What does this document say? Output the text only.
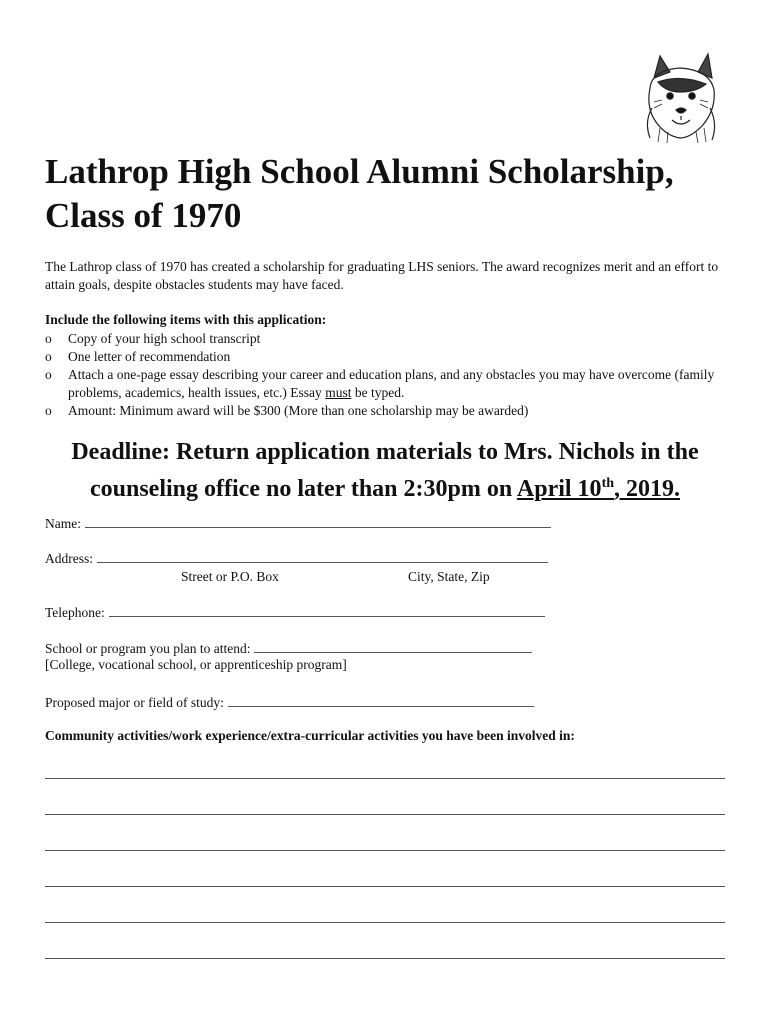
Lathrop High School Alumni Scholarship,
Class of 1970

The Lathrop class of 1970 has created a scholarship for graduating LHS seniors. The award recognizes merit and an effort to attain goals, despite obstacles students may have faced.

Include the following items with this application:

o Copy of your high school transcript
o One letter of recommendation
o Attach a one-page essay describing your career and education plans, and any obstacles you may have overcome (family problems, academics, health issues, etc.) Essay must be typed.
o Amount: Minimum award will be $300 (More than one scholarship may be awarded)

Deadline: Return application materials to Mrs. Nichols in the
counseling office no later than 2:30pm on April 10th, 2019.

Name:
Address:
Street or P.O. Box	City, State, Zip
Telephone:
School or program you plan to attend:
[College, vocational school, or apprenticeship program]
Proposed major or field of study:

Community activities/work experience/extra-curricular activities you have been involved in:
